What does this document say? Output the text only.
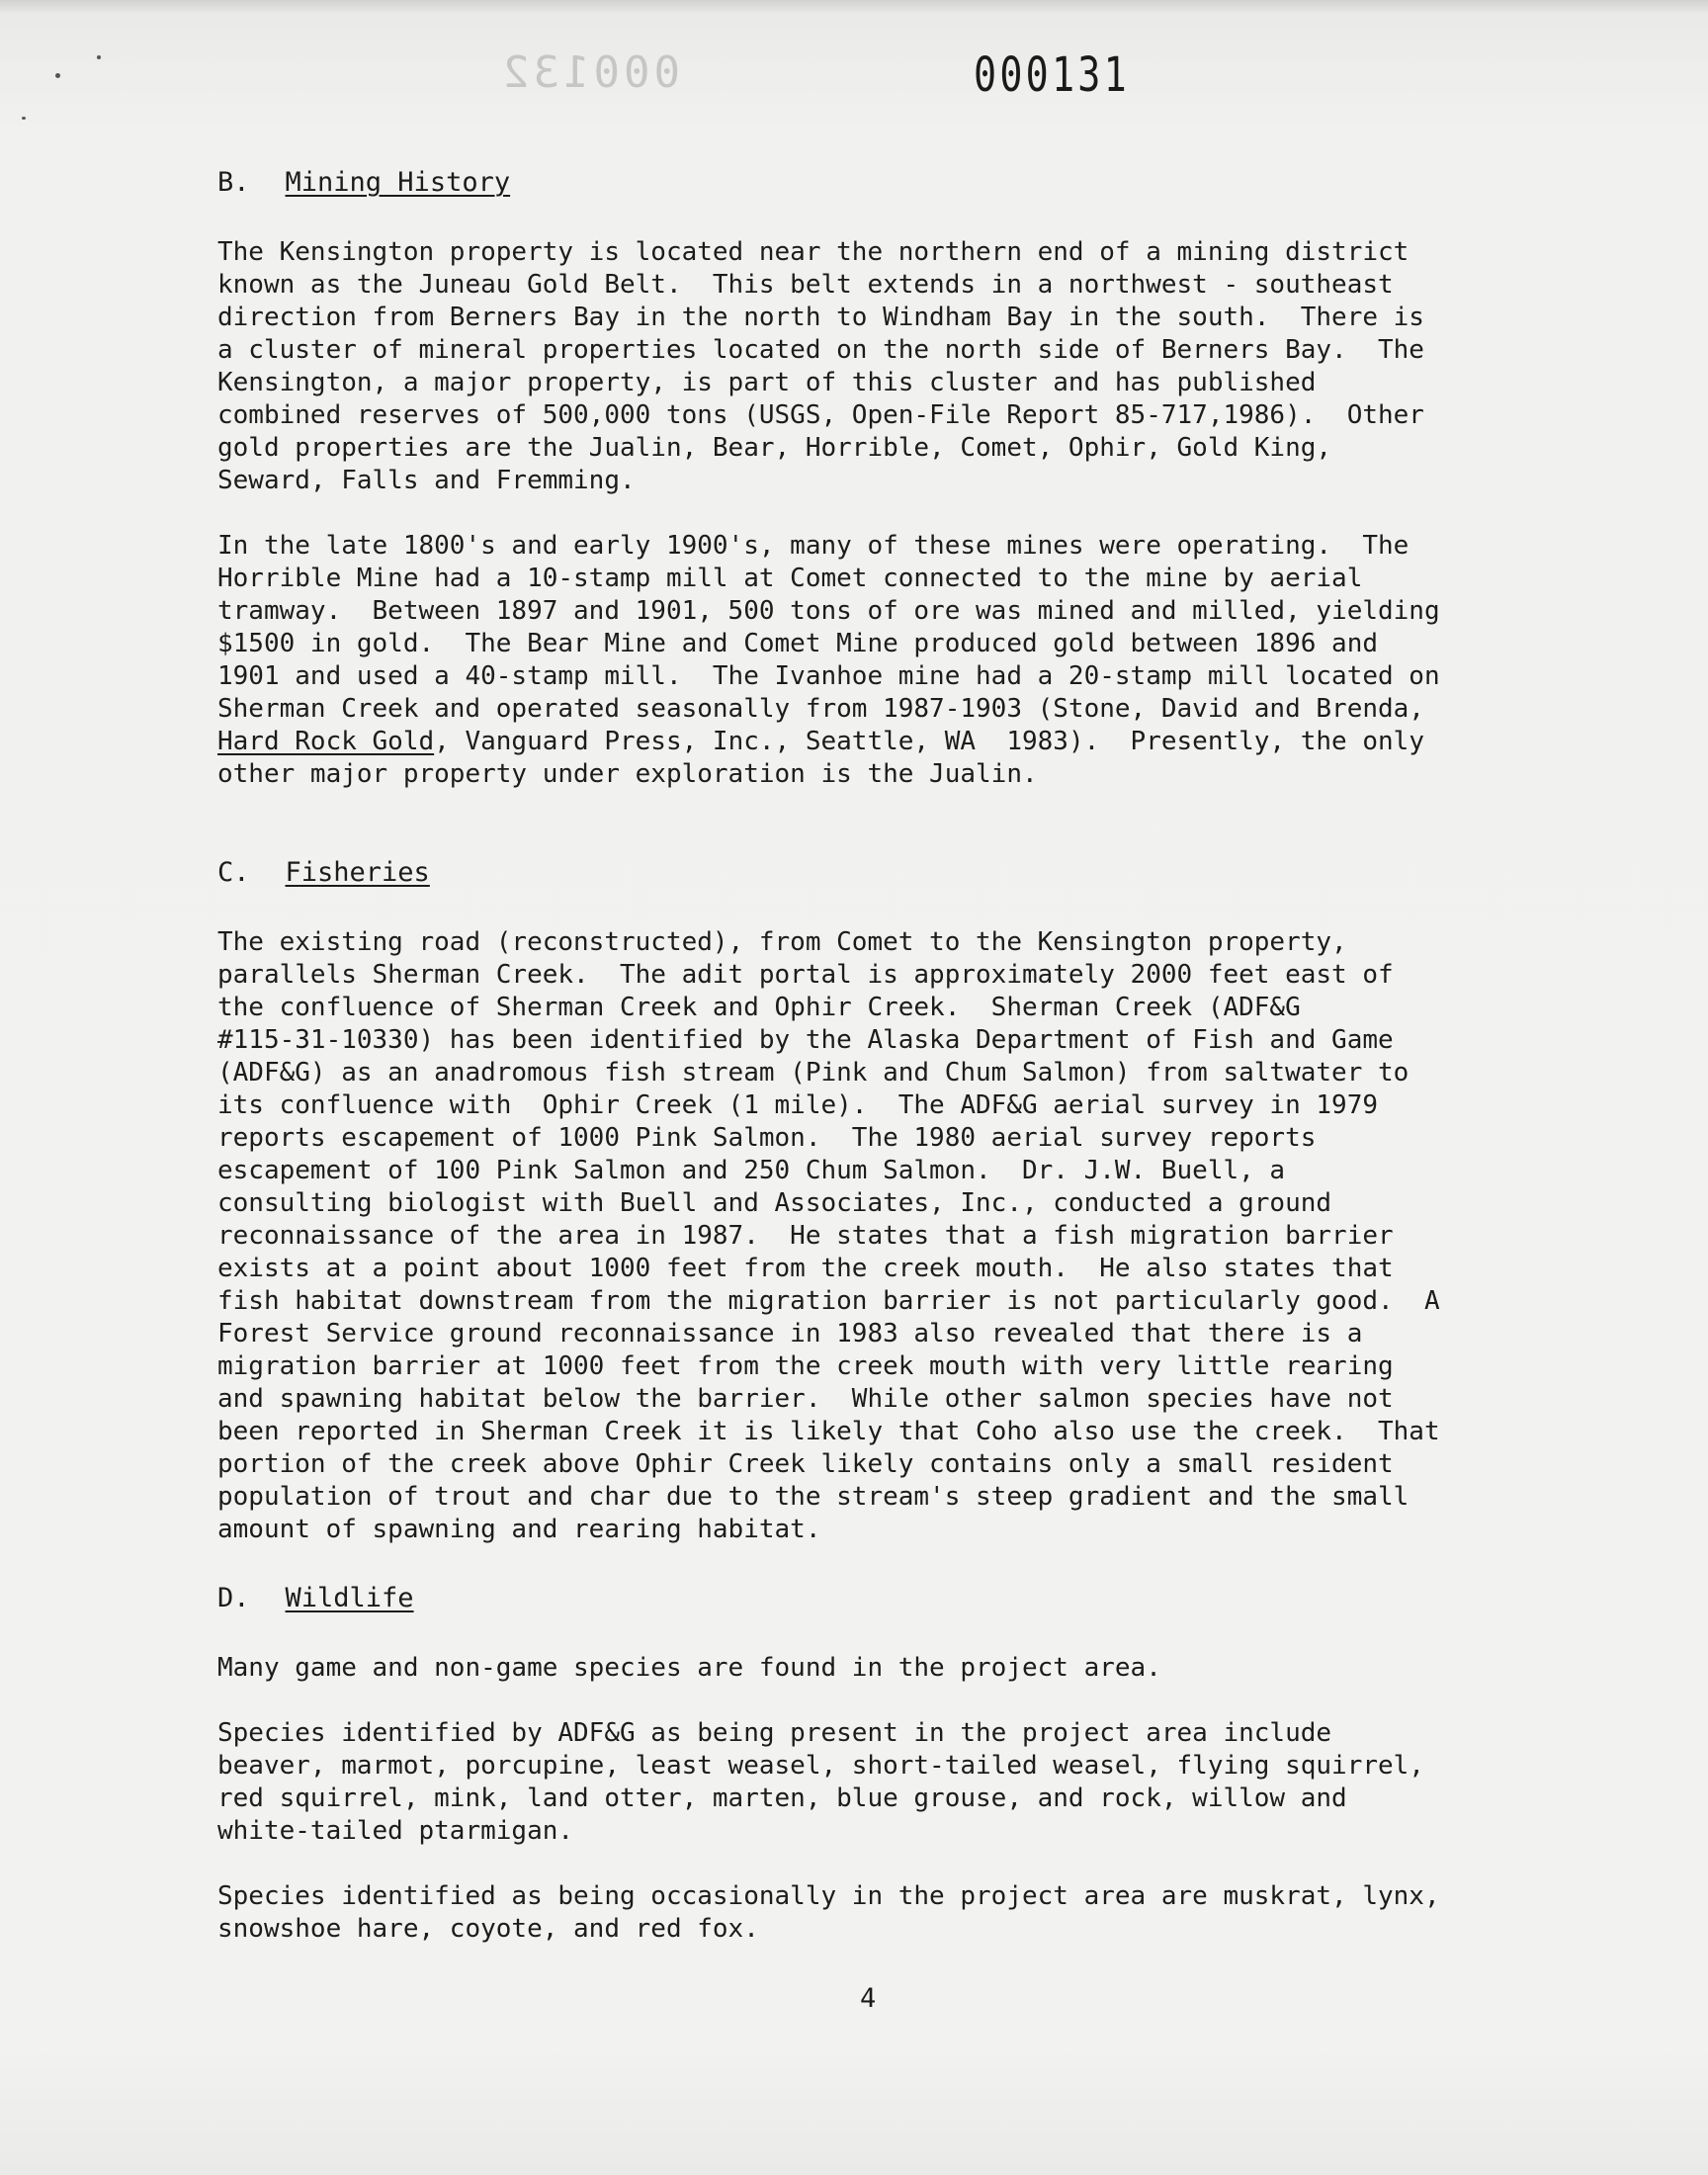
000132	000131
B. Mining History

The Kensington property is located near the northern end of a mining district
known as the Juneau Gold Belt.  This belt extends in a northwest - southeast
direction from Berners Bay in the north to Windham Bay in the south.  There is
a cluster of mineral properties located on the north side of Berners Bay.  The
Kensington, a major property, is part of this cluster and has published
combined reserves of 500,000 tons (USGS, Open-File Report 85-717,1986).  Other
gold properties are the Jualin, Bear, Horrible, Comet, Ophir, Gold King,
Seward, Falls and Fremming.

In the late 1800's and early 1900's, many of these mines were operating.  The
Horrible Mine had a 10-stamp mill at Comet connected to the mine by aerial
tramway.  Between 1897 and 1901, 500 tons of ore was mined and milled, yielding
$1500 in gold.  The Bear Mine and Comet Mine produced gold between 1896 and
1901 and used a 40-stamp mill.  The Ivanhoe mine had a 20-stamp mill located on
Sherman Creek and operated seasonally from 1987-1903 (Stone, David and Brenda,
Hard Rock Gold, Vanguard Press, Inc., Seattle, WA  1983).  Presently, the only
other major property under exploration is the Jualin.

C. Fisheries

The existing road (reconstructed), from Comet to the Kensington property,
parallels Sherman Creek.  The adit portal is approximately 2000 feet east of
the confluence of Sherman Creek and Ophir Creek.  Sherman Creek (ADF&G
#115-31-10330) has been identified by the Alaska Department of Fish and Game
(ADF&G) as an anadromous fish stream (Pink and Chum Salmon) from saltwater to
its confluence with  Ophir Creek (1 mile).  The ADF&G aerial survey in 1979
reports escapement of 1000 Pink Salmon.  The 1980 aerial survey reports
escapement of 100 Pink Salmon and 250 Chum Salmon.  Dr. J.W. Buell, a
consulting biologist with Buell and Associates, Inc., conducted a ground
reconnaissance of the area in 1987.  He states that a fish migration barrier
exists at a point about 1000 feet from the creek mouth.  He also states that
fish habitat downstream from the migration barrier is not particularly good.  A
Forest Service ground reconnaissance in 1983 also revealed that there is a
migration barrier at 1000 feet from the creek mouth with very little rearing
and spawning habitat below the barrier.  While other salmon species have not
been reported in Sherman Creek it is likely that Coho also use the creek.  That
portion of the creek above Ophir Creek likely contains only a small resident
population of trout and char due to the stream's steep gradient and the small
amount of spawning and rearing habitat.

D. Wildlife

Many game and non-game species are found in the project area.

Species identified by ADF&G as being present in the project area include
beaver, marmot, porcupine, least weasel, short-tailed weasel, flying squirrel,
red squirrel, mink, land otter, marten, blue grouse, and rock, willow and
white-tailed ptarmigan.

Species identified as being occasionally in the project area are muskrat, lynx,
snowshoe hare, coyote, and red fox.

4
